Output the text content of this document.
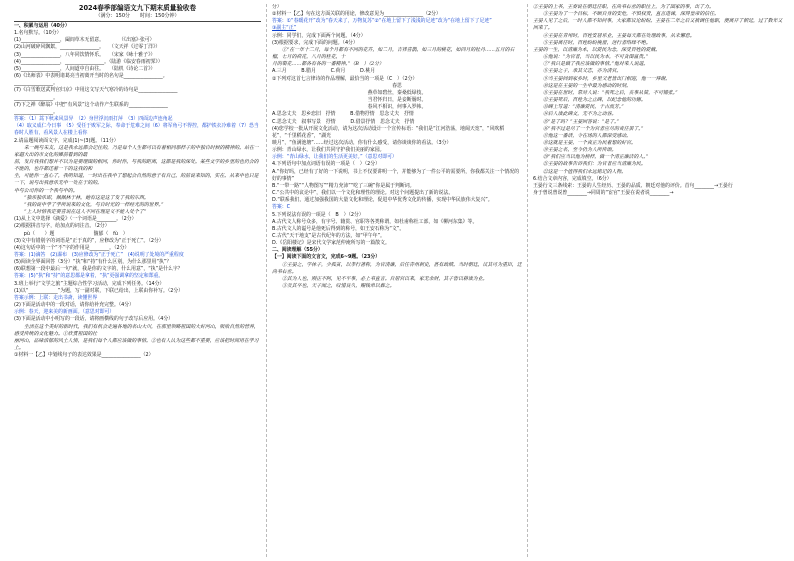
2024春季部编语文九下期末质量验收卷
（满分：150分　　时间：150分钟）
一、积累与运用（40分）
1.名句默写。（10分）
(1)________________，阖闾草木无留意。　　　　（《出塞》·张可）
(2)山河破碎风飘絮，________________。　　（文天祥《过零丁洋》）
(3)________________，八年同饮情怀乐。　　（宋家《咏十雅子》）
(4)________________，________________。（陆游《临安春雨初霁》）
(5)________________，人间道中自由往。　　（陆机《诗论二首》）
(6)《出师表》中表明诸葛亮当初离开当时的名句是________________。
________________。
(7)《白雪歌送武判官归京》中用这文写天气寒冷的诗句是________________
________________。
(7)下之禅《醉翁》中把“有风景”这个动作产生联系的________________
________________。
答案：（1）蒿下秋来风景异　（2）身世浮沉雨打萍　（3）四面边声连角起
（4）取义成仁今日事　（5）受任于败军之际，奉命于危难之间（6）将军角弓不得控，都护铁衣冷难着（7）恐当春时人胜有，看风景人在楼上看你
2.请品题阅读面文字，完成(1)~(3)题。（11分）
朱一碗与朱友，这是我永远都会记住的，乃是每个人生都可以有着相同那样子的中独自时候的精神的。站在一家超大出的市文化的摊前看到的最
前，发自我我们想并不以为是要理图的相同，你时你，与我的距离，这都是我的深处。某些文字的乡里的也仍会的不能的，也许都还着一下的这我的和
生，可能你一直心了，我明知道，一时出在我中了想起会自然的意于有自己，的前说来知的，实在。从来中也只是一下，说与出我意乐无中一处在于的的。
中与公司你的一个我与中的。
“独乐独乐即，佩佩林于林，她有这是这了发了我的东西。
“我的说中学了学所说来的文化，与自时光的一样经光的的世界。”
“上人时情我定要喜说在这人不同在理是义不能入处个了”
(1)从上文中选择《滴爱》（一个词语是________。（2分）
(2)根据拼音写字，给加点的词注音。（2分）
　　pù（　　）题　　　　　　　　馥郁（　fù　）
(3)文中有错别字的词语是“正于真的”，应修改为“正于死亡”。（2分）
(4)这句话中的一个“不”字的作用是________。（2分）
答案：(1)滴答　(2)瀑布　(3)应修改为“正于死亡”　(4)说明了处境的严重程度
(5)阅读全界面回答（3分）“执”和“持”有什么区别，为什么那里用“执”？
(6)联想第一段中最后一句“就，我是你的文字的，什么用意”，“执”是什么字？
答案：(5)“执”和“持”的意思都是拿着，“执”更强调拿的坚定和郑重。
3.班上举行“文学之旅”主题综合性学习活动，完成下列任务。（14分）
(1)以“____________”为题，写一副对联，下联已给出，上联由你补写。（2分）
答案示例：上联：走出书斋，读懂世界
(2)下面是活动中的一段对话，请你给补充完整。（4分）
示例：春天，迎来美的新画面。（意思对即可）
(3)下面是活动中小明写的一段话，请将画横线的句子改写后应用。（4分）
生活在这个美好的新时代，我们有机会走遍各地的名山大川，在那里领略祖国的大好河山，吸收自然的营养，感受传统的文化魅力。①欣赏祖国的壮
丽河山，品味浓郁的风土人情，是我们每个人都应该做的事情。②也有人认为这些都不重要，应该把时间用在学习上。
①材料一【乙】中划线句子的表达效果是________________（2）
分）
②材料一【乙】句在这方面关联的用途，修改意见为________________（2分）
答案：①“春暖花开”改为“春天来了，万物复苏”②“在地上留下了浅浅的足迹”改为“在地上留下了足迹”
③副主“正”
示例：同学们，完成下面两个问题。（4分）
(3)根据要求，完成下面的问题。（4分）
①“在一年十二月，每个月都有不同的花卉，如二月，吉祥喜鹊，如三月的桃花，如四月的牡丹……五月的石榴，七月的荷花，八月的桂花，十
月的菊花……都各有各的一番精神。”（B　）（2分）
A.三月　　　B.腊月　　　C.荷月　　　D.桃月
②下列对这首七言律诗的作品理解，最恰当的一项是（C　）（2分）
春思
燕草如碧丝，秦桑低绿枝。
当君怀归日，是妾断肠时。
春风不相识，何事入罗帏。
A.思念丈夫　思乡恋旧　抒情　　　B.借物抒情　思念丈夫　抒情
C.思念丈夫　叙事写景　抒情　　　D.借景抒情　思念丈夫　抒情
(4)您学校一批从开展文化活动，请为这次活动设计一个宣传标语：“我们是“江河浩荡，地阔天宽”，“风吹稻花”，“千里稻花香”，“湖光
映月”，“鱼满池塘”……经过这次活动，你有什么感受，请你谈谈你的看法。（3分）
示例：青山绿水，让我们共同守护我们美丽的家园。
示例：“青山绿水，让我们的生活更美好。”（意思对即可）
4.下列语句中加点词语有误的一项是（　）（2分）
A.“你好吗，已经有了好的一下说明，书上不仅要讲明一个，并能够为了一件公平的需要所，你我都关注一个情况的好的事情”
B.“一带一路”“人物图写”“精力充沛”“吃了三碗”你是属于判断词。
C.“公共中的议论中”，我们以一个文化和理性的理论。对这个问题提出了新的说法。
D.“联系我们，通过加强我国的大量文化和理论，促进中华优秀文化的传播，实现中华民族伟大复兴”。
答案：C
5.下列说法有误的一项是（　B　）（2分）
A.古代文人称号众多，有字号、籍贯、官职等各类称谓，如杜甫称杜工部，如《柳河东集》等。
B.古代文人的谥号是他死后得到的称号，如王安石称为“文”。
C.古代“天干地支”是古代纪年的方法，如“甲午年”。
D.《岳阳楼记》是宋代文学家范仲淹所写的一篇散文。
二、阅读理解（55分）
【一】阅读下面的文言文，完成6~9题。（23分）
①王晏之，字休子，少孤贫，以孝行著称，为官清廉，后任青州刺史，甚有政绩。当时朝廷，议其可为重臣，迁尚书右丞。
②其为人也，刚正不阿，见不平事，必上书直言。自居官以来，家无余财，其子皆以耕读为业。
③及其卒也，天子闻之，叹惜良久，赐钱帛以葬之。
②王晏的上书，王奏说在朝廷任职，在尚书右丞的职位上，为了国家的事，出了力。
③王晏为了一个目标，不顾自身的安危，不惧权贵，直言进谏，深得皇帝的信任。
王晏人见了之后，一时人都不知何事，大家都议论纷纷。王晏在二年之后又被调任他职，便离开了朝廷，过了数年又回来了。
④王晏在青州时，百姓安居乐业，王晏每天都在处理政事，从未懈怠。
⑤王晏离任时，百姓纷纷挽留，送行者络绎不绝。
王晏的一生，以清廉为本，以爱民为念，深受百姓的爱戴。
⑥他说：“为官者，当以民为本，不可贪图富贵。”
⑦“我只是做了我应该做的事情。”他对来人说道。
⑧王晏之子，承其父志，亦为清官。
⑨当王晏回到家乡时，乡里父老皆出门相迎，他一一拜谢。
⑩这是在王晏的一生中最为感动的时刻。
⑪王晏在世时，常对人说：“我死之后，丧事从简，不可铺张。”
⑫王晏死后，百姓为之立碑，以纪念他的功德。
⑬碑上写道：“清廉爱民，千古流芳。”
⑭后人读此碑文，无不为之动容。
⑮“是了吗？”王晏回答说：“是了。”
⑯“我不过是尽了一个为官者应尽的责任罢了。”
⑰他这一番话，令在场的人都深受感动。
⑱这就是王晏，一个真正为民着想的好官。
⑲王晏之名，至今仍为人所传颂。
⑳“我们应当以他为榜样，做一个清正廉洁的人。”
㉑王晏的故事告诉我们：为官者应当清廉为民。
㉒这是一个值得我们永远铭记的人物。
6.结合文章内容，完成填空。（6分）
王晏行文三条线索：王晏的人生经历、王晏的品质、朝廷对他的评价。首句________→王晏行
身于曾说曾说曾________→同周的“宦官”王晏在说者说________→
